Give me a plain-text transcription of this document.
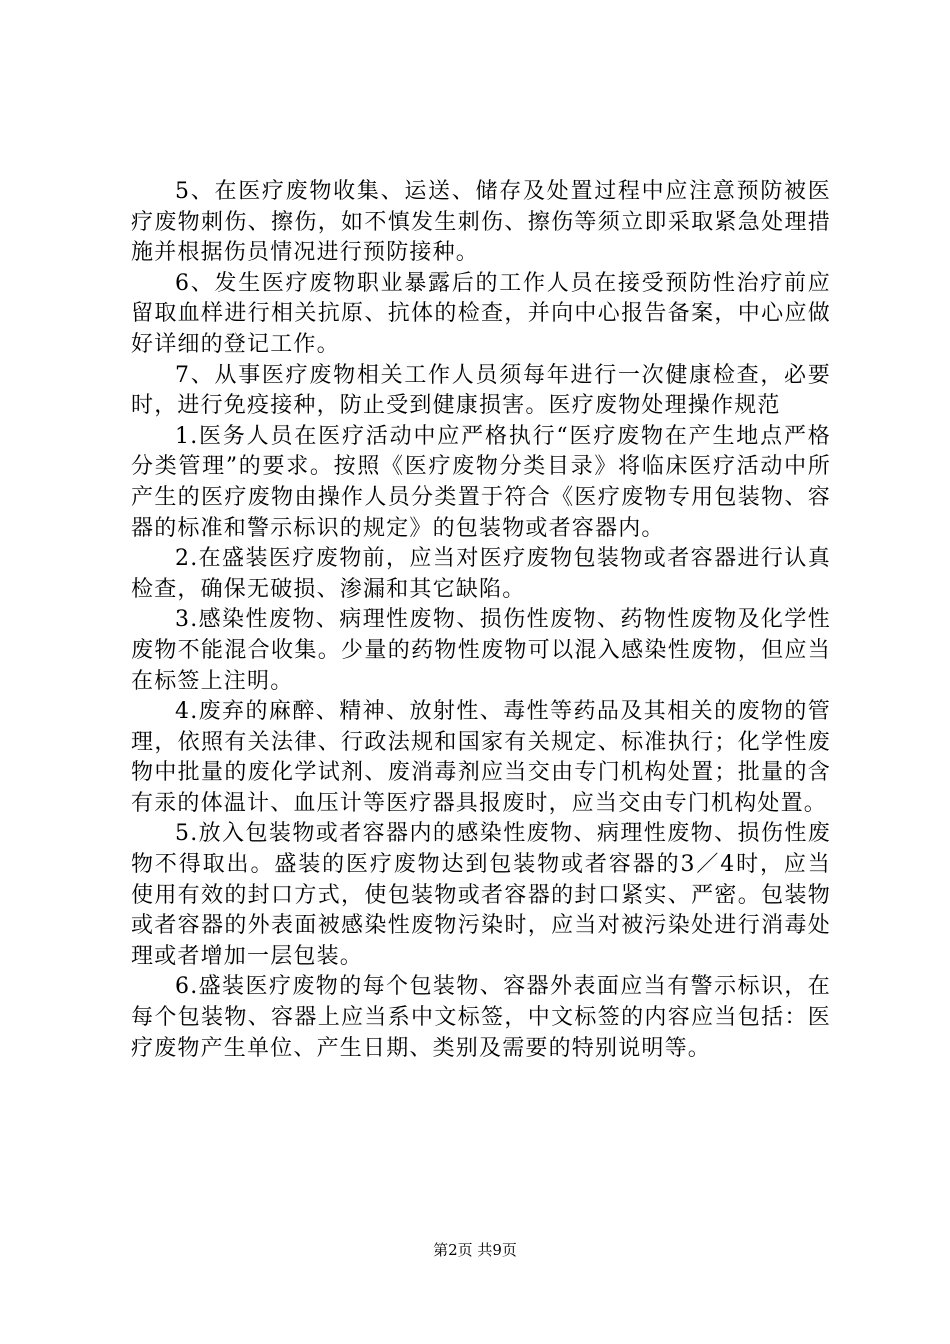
5、在医疗废物收集、运送、储存及处置过程中应注意预防被医疗废物刺伤、擦伤，如不慎发生刺伤、擦伤等须立即采取紧急处理措施并根据伤员情况进行预防接种。

6、发生医疗废物职业暴露后的工作人员在接受预防性治疗前应留取血样进行相关抗原、抗体的检查，并向中心报告备案，中心应做好详细的登记工作。

7、从事医疗废物相关工作人员须每年进行一次健康检查，必要时，进行免疫接种，防止受到健康损害。医疗废物处理操作规范

1.医务人员在医疗活动中应严格执行“医疗废物在产生地点严格分类管理”的要求。按照《医疗废物分类目录》将临床医疗活动中所产生的医疗废物由操作人员分类置于符合《医疗废物专用包装物、容器的标准和警示标识的规定》的包装物或者容器内。

2.在盛装医疗废物前，应当对医疗废物包装物或者容器进行认真检查，确保无破损、渗漏和其它缺陷。

3.感染性废物、病理性废物、损伤性废物、药物性废物及化学性废物不能混合收集。少量的药物性废物可以混入感染性废物，但应当在标签上注明。

4.废弃的麻醉、精神、放射性、毒性等药品及其相关的废物的管理，依照有关法律、行政法规和国家有关规定、标准执行；化学性废物中批量的废化学试剂、废消毒剂应当交由专门机构处置；批量的含有汞的体温计、血压计等医疗器具报废时，应当交由专门机构处置。

5.放入包装物或者容器内的感染性废物、病理性废物、损伤性废物不得取出。盛装的医疗废物达到包装物或者容器的3／4时，应当使用有效的封口方式，使包装物或者容器的封口紧实、严密。包装物或者容器的外表面被感染性废物污染时，应当对被污染处进行消毒处理或者增加一层包装。

6.盛装医疗废物的每个包装物、容器外表面应当有警示标识，在每个包装物、容器上应当系中文标签，中文标签的内容应当包括：医疗废物产生单位、产生日期、类别及需要的特别说明等。

第2页 共9页
